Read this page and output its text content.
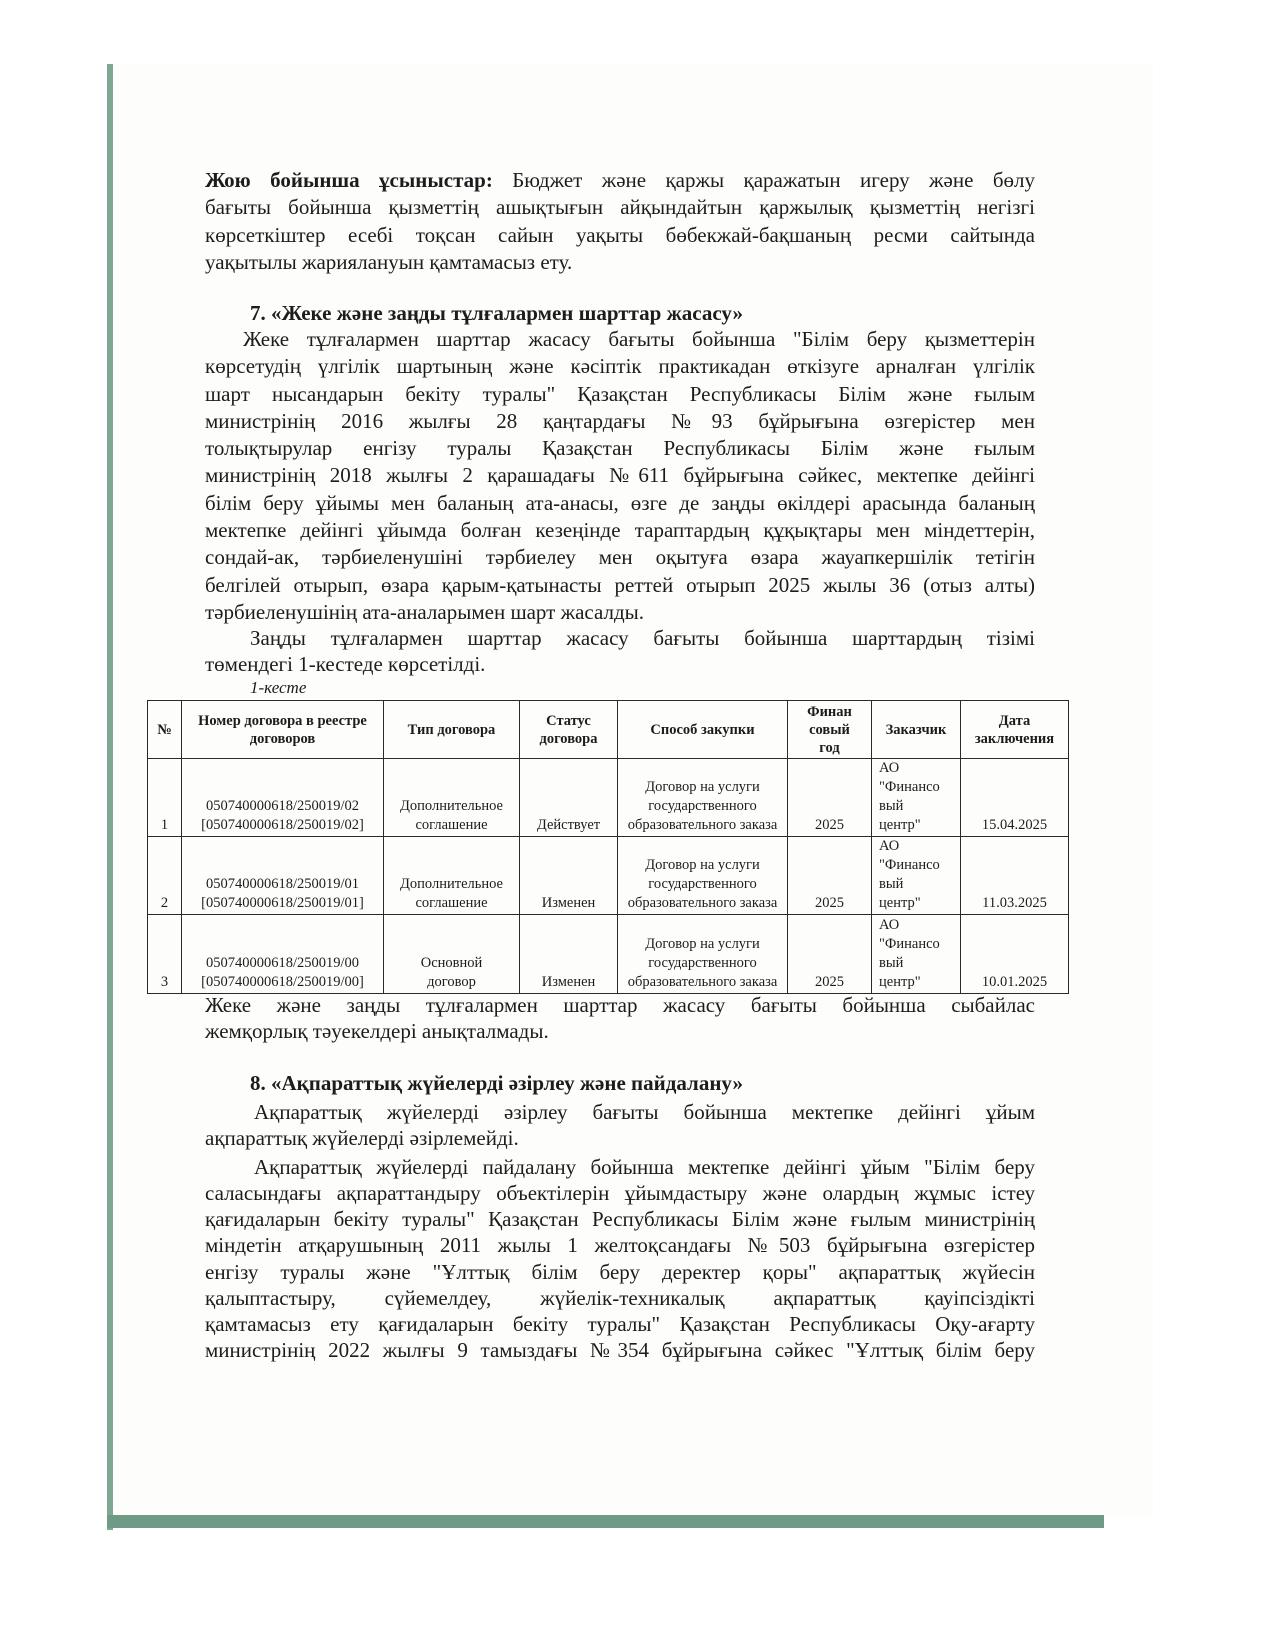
Жою бойынша ұсыныстар: Бюджет және қаржы қаражатын игеру және бөлу
бағыты бойынша қызметтің ашықтығын айқындайтын қаржылық қызметтің негізгі
көрсеткіштер есебі тоқсан сайын уақыты бөбекжай-бақшаның ресми сайтында
уақытылы жариялануын қамтамасыз ету.
7. «Жеке және заңды тұлғалармен шарттар жасасу»
Жеке тұлғалармен шарттар жасасу бағыты бойынша "Білім беру қызметтерін
көрсетудің үлгілік шартының және кәсіптік практикадан өткізуге арналған үлгілік
шарт нысандарын бекіту туралы" Қазақстан Республикасы Білім және ғылым
министрінің 2016 жылғы 28 қаңтардағы №93 бұйрығына өзгерістер мен
толықтырулар енгізу туралы Қазақстан Республикасы Білім және ғылым
министрінің 2018 жылғы 2 қарашадағы №611 бұйрығына сәйкес, мектепке дейінгі
білім беру ұйымы мен баланың ата-анасы, өзге де заңды өкілдері арасында баланың
мектепке дейінгі ұйымда болған кезеңінде тараптардың құқықтары мен міндеттерін,
сондай-ак, тәрбиеленушіні тәрбиелеу мен оқытуға өзара жауапкершілік тетігін
белгілей отырып, өзара қарым-қатынасты реттей отырып 2025 жылы 36 (отыз алты)
тәрбиеленушінің ата-аналарымен шарт жасалды.
Заңды тұлғалармен шарттар жасасу бағыты бойынша шарттардың тізімі
төмендегі 1-кестеде көрсетілді.
1-кесте
№	Номер договора в реестре договоров	Тип договора	Статус договора	Способ закупки	Финансовый год	Заказчик	Дата заключения
1	050740000618/250019/02 [050740000618/250019/02]	Дополнительное соглашение	Действует	Договор на услуги государственного образовательного заказа	2025	АО "Финансовый центр"	15.04.2025
2	050740000618/250019/01 [050740000618/250019/01]	Дополнительное соглашение	Изменен	Договор на услуги государственного образовательного заказа	2025	АО "Финансовый центр"	11.03.2025
3	050740000618/250019/00 [050740000618/250019/00]	Основной договор	Изменен	Договор на услуги государственного образовательного заказа	2025	АО "Финансовый центр"	10.01.2025
Жеке және заңды тұлғалармен шарттар жасасу бағыты бойынша сыбайлас
жемқорлық тәуекелдері анықталмады.
8. «Ақпараттық жүйелерді әзірлеу және пайдалану»
Ақпараттық жүйелерді әзірлеу бағыты бойынша мектепке дейінгі ұйым
ақпараттық жүйелерді әзірлемейді.
Ақпараттық жүйелерді пайдалану бойынша мектепке дейінгі ұйым "Білім беру
саласындағы ақпараттандыру объектілерін ұйымдастыру және олардың жұмыс істеу
қағидаларын бекіту туралы" Қазақстан Республикасы Білім және ғылым министрінің
міндетін атқарушының 2011 жылы 1 желтоқсандағы №503 бұйрығына өзгерістер
енгізу туралы және "Ұлттық білім беру деректер қоры" ақпараттық жүйесін
қалыптастыру, сүйемелдеу, жүйелік-техникалық ақпараттық қауіпсіздікті
қамтамасыз ету қағидаларын бекіту туралы" Қазақстан Республикасы Оқу-ағарту
министрінің 2022 жылғы 9 тамыздағы №354 бұйрығына сәйкес "Ұлттық білім беру
